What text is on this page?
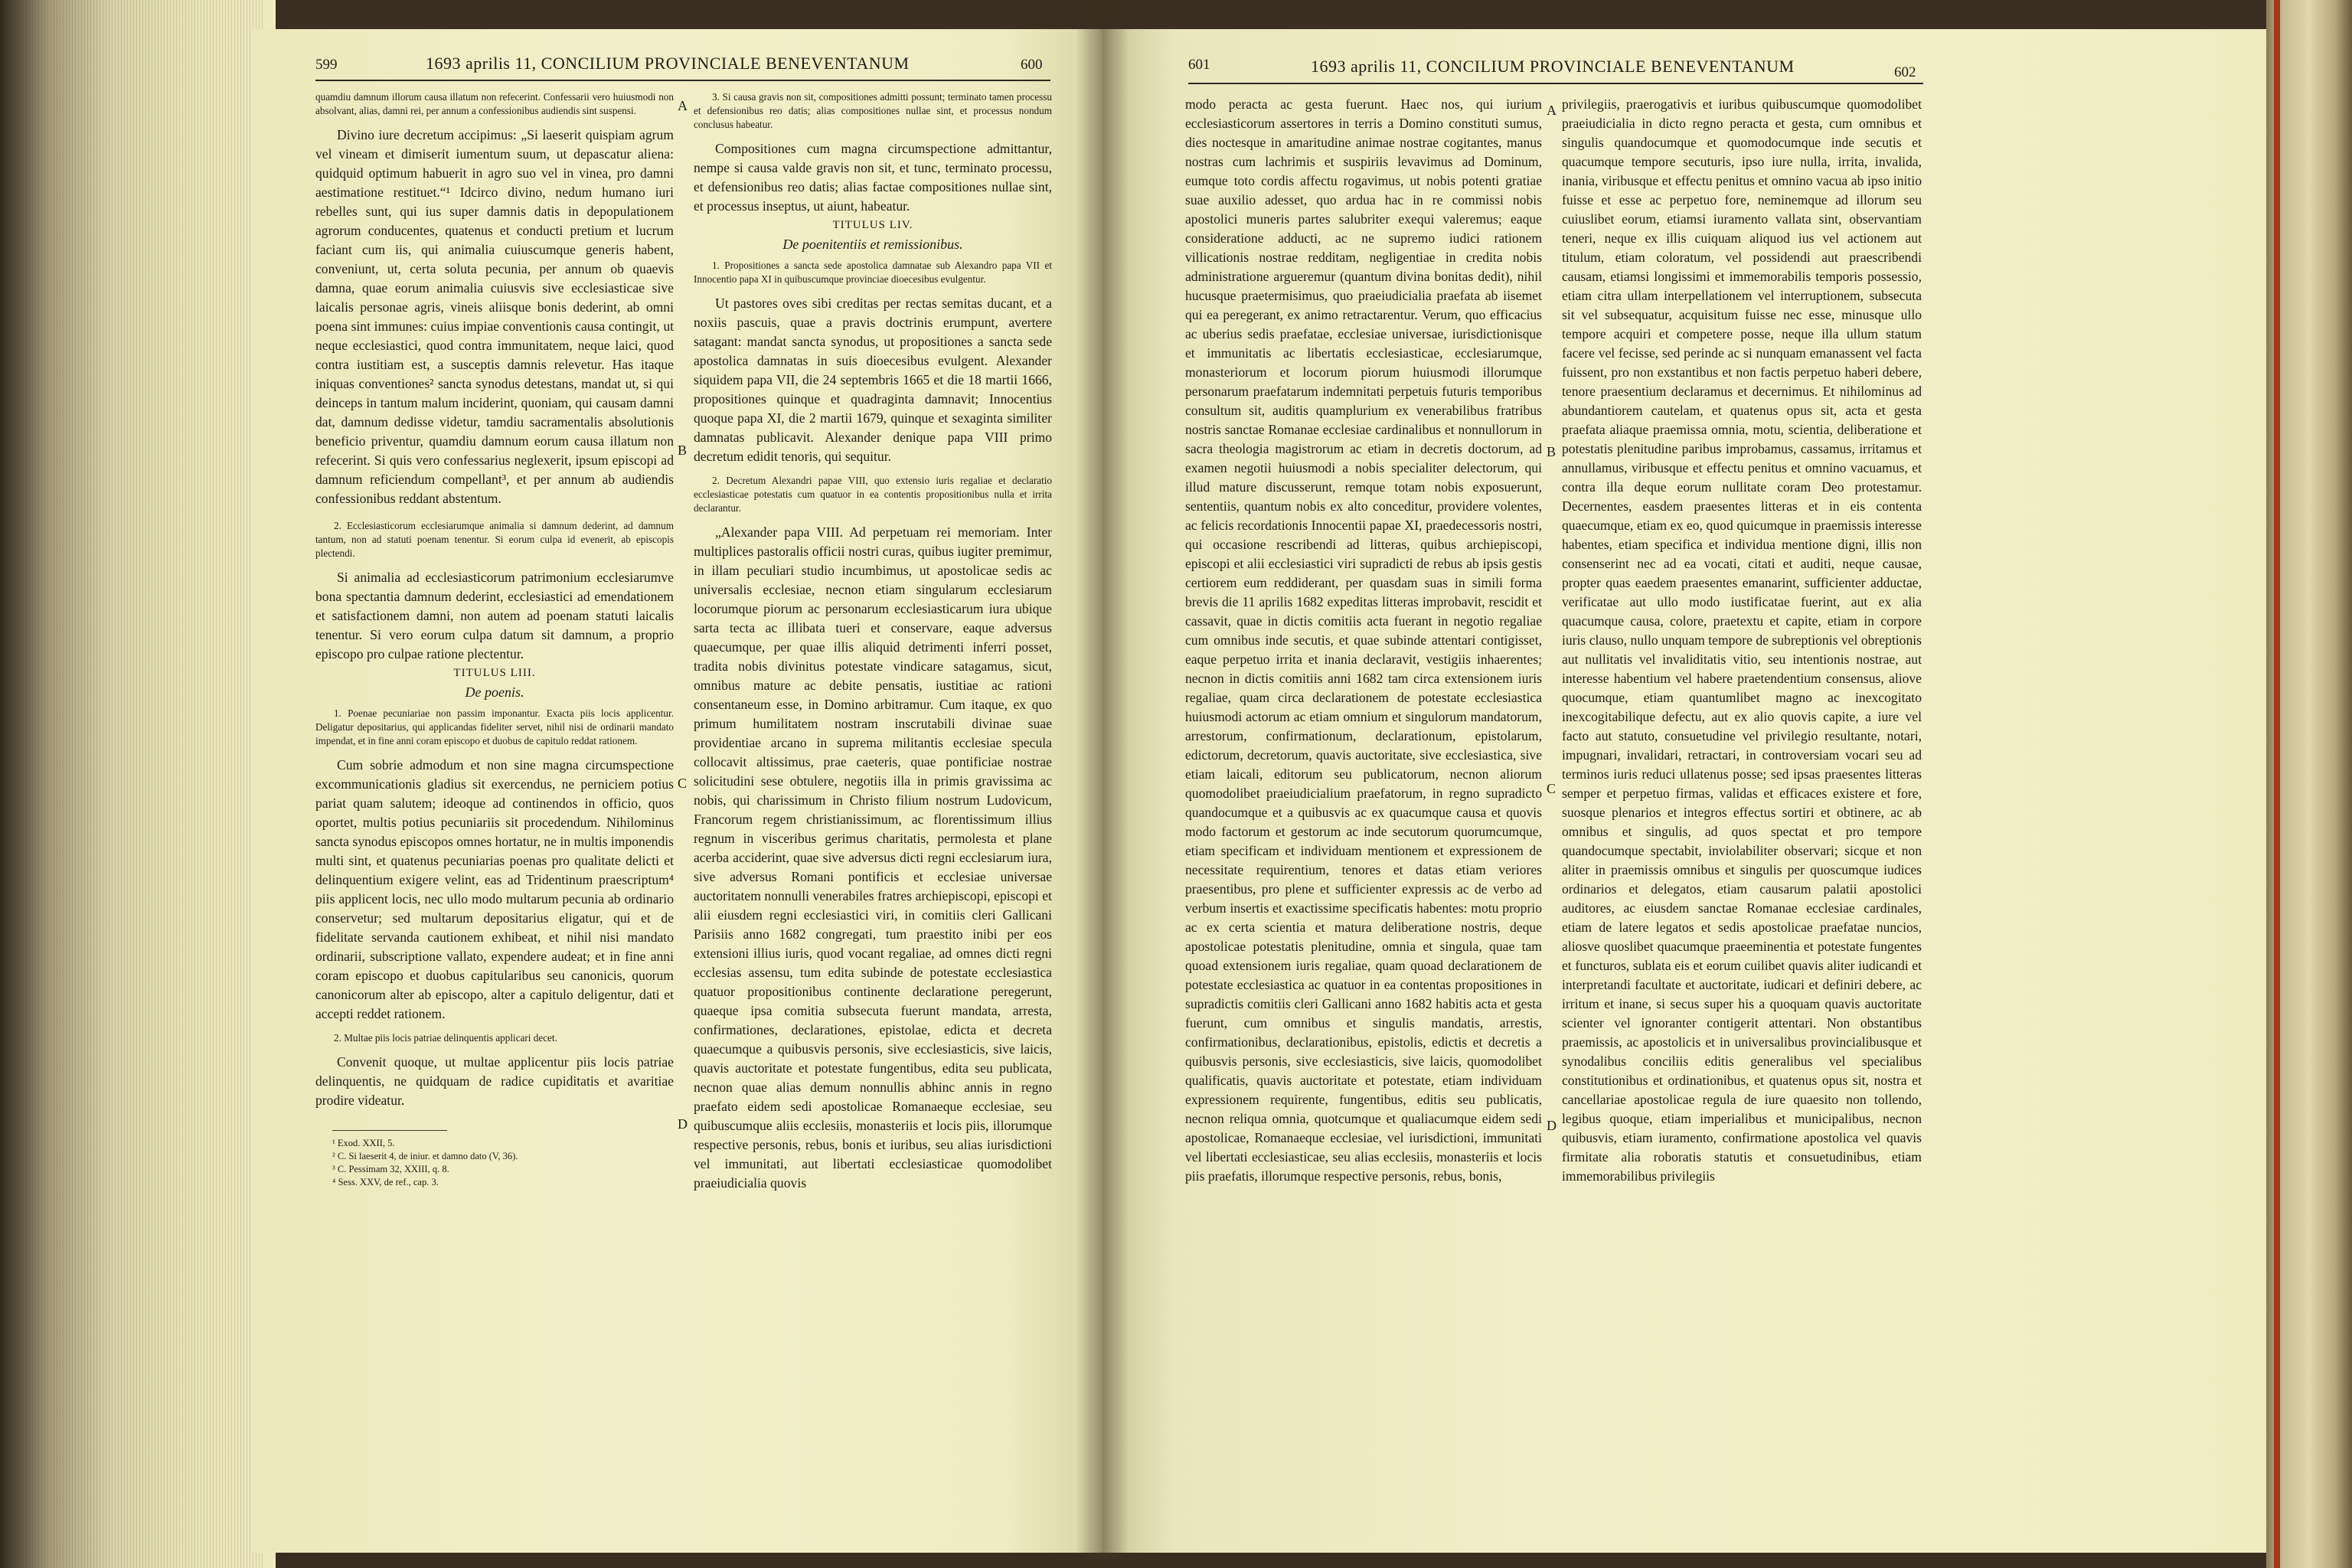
599	1693 aprilis 11, CONCILIUM PROVINCIALE BENEVENTANUM	600
quamdiu damnum illorum causa illatum non refecerint. Confessarii vero huiusmodi non absolvant, alias, damni rei, per annum a confessionibus audiendis sint suspensi.

Divino iure decretum accipimus: „Si laeserit quispiam agrum vel vineam et dimiserit iumentum suum, ut depascatur aliena: quidquid optimum habuerit in agro suo vel in vinea, pro damni aestimatione restituet.“¹ Idcirco divino, nedum humano iuri rebelles sunt, qui ius super damnis datis in depopulationem agrorum conducentes, quatenus et conducti pretium et lucrum faciant cum iis, qui animalia cuiuscumque generis habent, conveniunt, ut, certa soluta pecunia, per annum ob quaevis damna, quae eorum animalia cuiusvis sive ecclesiasticae sive laicalis personae agris, vineis aliisque bonis dederint, ab omni poena sint immunes: cuius impiae conventionis causa contingit, ut neque ecclesiastici, quod contra immunitatem, neque laici, quod contra iustitiam est, a susceptis damnis relevetur. Has itaque iniquas conventiones² sancta synodus detestans, mandat ut, si qui deinceps in tantum malum inciderint, quoniam, qui causam damni dat, damnum dedisse videtur, tamdiu sacramentalis absolutionis beneficio priventur, quamdiu damnum eorum causa illatum non refecerint. Si quis vero confessarius neglexerit, ipsum episcopi ad damnum reficiendum compellant³, et per annum ab audiendis confessionibus reddant abstentum.

2. Ecclesiasticorum ecclesiarumque animalia si damnum dederint, ad damnum tantum, non ad statuti poenam tenentur. Si eorum culpa id evenerit, ab episcopis plectendi.

Si animalia ad ecclesiasticorum patrimonium ecclesiarumve bona spectantia damnum dederint, ecclesiastici ad emendationem et satisfactionem damni, non autem ad poenam statuti laicalis tenentur. Si vero eorum culpa datum sit damnum, a proprio episcopo pro culpae ratione plectentur.

TITULUS LIII.

De poenis.

1. Poenae pecuniariae non passim imponantur. Exacta piis locis applicentur. Deligatur depositarius, qui applicandas fideliter servet, nihil nisi de ordinarii mandato impendat, et in fine anni coram episcopo et duobus de capitulo reddat rationem.

Cum sobrie admodum et non sine magna circumspectione excommunicationis gladius sit exercendus, ne perniciem potius pariat quam salutem; ideoque ad continendos in officio, quos oportet, multis potius pecuniariis sit procedendum. Nihilominus sancta synodus episcopos omnes hortatur, ne in multis imponendis multi sint, et quatenus pecuniarias poenas pro qualitate delicti et delinquentium exigere velint, eas ad Tridentinum praescriptum⁴ piis applicent locis, nec ullo modo multarum pecunia ab ordinario conservetur; sed multarum depositarius eligatur, qui et de fidelitate servanda cautionem exhibeat, et nihil nisi mandato ordinarii, subscriptione vallato, expendere audeat; et in fine anni coram episcopo et duobus capitularibus seu canonicis, quorum canonicorum alter ab episcopo, alter a capitulo deligentur, dati et accepti reddet rationem.

2. Multae piis locis patriae delinquentis applicari decet.

Convenit quoque, ut multae applicentur piis locis patriae delinquentis, ne quidquam de radice cupiditatis et avaritiae prodire videatur.

¹ Exod. XXII, 5.
² C. Si laeserit 4, de iniur. et damno dato (V, 36).
³ C. Pessimam 32, XXIII, q. 8.
⁴ Sess. XXV, de ref., cap. 3.
A
B
C
D
3. Si causa gravis non sit, compositiones admitti possunt; terminato tamen processu et defensionibus reo datis; alias compositiones nullae sint, et processus nondum conclusus habeatur.

Compositiones cum magna circumspectione admittantur, nempe si causa valde gravis non sit, et tunc, terminato processu, et defensionibus reo datis; alias factae compositiones nullae sint, et processus inseptus, ut aiunt, habeatur.

TITULUS LIV.

De poenitentiis et remissionibus.

1. Propositiones a sancta sede apostolica damnatae sub Alexandro papa VII et Innocentio papa XI in quibuscumque provinciae dioecesibus evulgentur.

Ut pastores oves sibi creditas per rectas semitas ducant, et a noxiis pascuis, quae a pravis doctrinis erumpunt, avertere satagant: mandat sancta synodus, ut propositiones a sancta sede apostolica damnatas in suis dioecesibus evulgent. Alexander siquidem papa VII, die 24 septembris 1665 et die 18 martii 1666, propositiones quinque et quadraginta damnavit; Innocentius quoque papa XI, die 2 martii 1679, quinque et sexaginta similiter damnatas publicavit. Alexander denique papa VIII primo decretum edidit tenoris, qui sequitur.

2. Decretum Alexandri papae VIII, quo extensio iuris regaliae et declaratio ecclesiasticae potestatis cum quatuor in ea contentis propositionibus nulla et irrita declarantur.

„Alexander papa VIII. Ad perpetuam rei memoriam. Inter multiplices pastoralis officii nostri curas, quibus iugiter premimur, in illam peculiari studio incumbimus, ut apostolicae sedis ac universalis ecclesiae, necnon etiam singularum ecclesiarum locorumque piorum ac personarum ecclesiasticarum iura ubique sarta tecta ac illibata tueri et conservare, eaque adversus quaecumque, per quae illis aliquid detrimenti inferri posset, tradita nobis divinitus potestate vindicare satagamus, sicut, omnibus mature ac debite pensatis, iustitiae ac rationi consentaneum esse, in Domino arbitramur. Cum itaque, ex quo primum humilitatem nostram inscrutabili divinae suae providentiae arcano in suprema militantis ecclesiae specula collocavit altissimus, prae caeteris, quae pontificiae nostrae solicitudini sese obtulere, negotiis illa in primis gravissima ac nobis, qui charissimum in Christo filium nostrum Ludovicum, Francorum regem christianissimum, ac florentissimum illius regnum in visceribus gerimus charitatis, permolesta et plane acerba acciderint, quae sive adversus dicti regni ecclesiarum iura, sive adversus Romani pontificis et ecclesiae universae auctoritatem nonnulli venerabiles fratres archiepiscopi, episcopi et alii eiusdem regni ecclesiastici viri, in comitiis cleri Gallicani Parisiis anno 1682 congregati, tum praestito inibi per eos extensioni illius iuris, quod vocant regaliae, ad omnes dicti regni ecclesias assensu, tum edita subinde de potestate ecclesiastica quatuor propositionibus continente declaratione peregerunt, quaeque ipsa comitia subsecuta fuerunt mandata, arresta, confirmationes, declarationes, epistolae, edicta et decreta quaecumque a quibusvis personis, sive ecclesiasticis, sive laicis, quavis auctoritate et potestate fungentibus, edita seu publicata, necnon quae alias demum nonnullis abhinc annis in regno praefato eidem sedi apostolicae Romanaeque ecclesiae, seu quibuscumque aliis ecclesiis, monasteriis et locis piis, illorumque respective personis, rebus, bonis et iuribus, seu alias iurisdictioni vel immunitati, aut libertati ecclesiasticae quomodolibet praeiudicialia quovis

601	1693 aprilis 11, CONCILIUM PROVINCIALE BENEVENTANUM	602

modo peracta ac gesta fuerunt. Haec nos, qui iurium ecclesiasticorum assertores in terris a Domino constituti sumus, dies noctesque in amaritudine animae nostrae cogitantes, manus nostras cum lachrimis et suspiriis levavimus ad Dominum, eumque toto cordis affectu rogavimus, ut nobis potenti gratiae suae auxilio adesset, quo ardua hac in re commissi nobis apostolici muneris partes salubriter exequi valeremus; eaque consideratione adducti, ac ne supremo iudici rationem villicationis nostrae redditam, negligentiae in credita nobis administratione argueremur (quantum divina bonitas dedit), nihil hucusque praetermisimus, quo praeiudicialia praefata ab iisemet qui ea peregerant, ex animo retractarentur. Verum, quo efficacius ac uberius sedis praefatae, ecclesiae universae, iurisdictionisque et immunitatis ac libertatis ecclesiasticae, ecclesiarumque, monasteriorum et locorum piorum huiusmodi illorumque personarum praefatarum indemnitati perpetuis futuris temporibus consultum sit, auditis quamplurium ex venerabilibus fratribus nostris sanctae Romanae ecclesiae cardinalibus et nonnullorum in sacra theologia magistrorum ac etiam in decretis doctorum, ad examen negotii huiusmodi a nobis specialiter delectorum, qui illud mature discusserunt, remque totam nobis exposuerunt, sententiis, quantum nobis ex alto conceditur, providere volentes, ac felicis recordationis Innocentii papae XI, praedecessoris nostri, qui occasione rescribendi ad litteras, quibus archiepiscopi, episcopi et alii ecclesiastici viri supradicti de rebus ab ipsis gestis certiorem eum reddiderant, per quasdam suas in simili forma brevis die 11 aprilis 1682 expeditas litteras improbavit, rescidit et cassavit, quae in dictis comitiis acta fuerant in negotio regaliae cum omnibus inde secutis, et quae subinde attentari contigisset, eaque perpetuo irrita et inania declaravit, vestigiis inhaerentes; necnon in dictis comitiis anni 1682 tam circa extensionem iuris regaliae, quam circa declarationem de potestate ecclesiastica huiusmodi actorum ac etiam omnium et singulorum mandatorum, arrestorum, confirmationum, declarationum, epistolarum, edictorum, decretorum, quavis auctoritate, sive ecclesiastica, sive etiam laicali, editorum seu publicatorum, necnon aliorum quomodolibet praeiudicialium praefatorum, in regno supradicto quandocumque et a quibusvis ac ex quacumque causa et quovis modo factorum et gestorum ac inde secutorum quorumcumque, etiam specificam et individuam mentionem et expressionem de necessitate requirentium, tenores et datas etiam veriores praesentibus, pro plene et sufficienter expressis ac de verbo ad verbum insertis et exactissime specificatis habentes: motu proprio ac ex certa scientia et matura deliberatione nostris, deque apostolicae potestatis plenitudine, omnia et singula, quae tam quoad extensionem iuris regaliae, quam quoad declarationem de potestate ecclesiastica ac quatuor in ea contentas propositiones in supradictis comitiis cleri Gallicani anno 1682 habitis acta et gesta fuerunt, cum omnibus et singulis mandatis, arrestis, confirmationibus, declarationibus, epistolis, edictis et decretis a quibusvis personis, sive ecclesiasticis, sive laicis, quomodolibet qualificatis, quavis auctoritate et potestate, etiam individuam expressionem requirente, fungentibus, editis seu publicatis, necnon reliqua omnia, quotcumque et qualiacumque eidem sedi apostolicae, Romanaeque ecclesiae, vel iurisdictioni, immunitati vel libertati ecclesiasticae, seu alias ecclesiis, monasteriis et locis piis praefatis, illorumque respective personis, rebus, bonis,

A
B
C
D

privilegiis, praerogativis et iuribus quibuscumque quomodolibet praeiudicialia in dicto regno peracta et gesta, cum omnibus et singulis quandocumque et quomodocumque inde secutis et quacumque tempore secuturis, ipso iure nulla, irrita, invalida, inania, viribusque et effectu penitus et omnino vacua ab ipso initio fuisse et esse ac perpetuo fore, neminemque ad illorum seu cuiuslibet eorum, etiamsi iuramento vallata sint, observantiam teneri, neque ex illis cuiquam aliquod ius vel actionem aut titulum, etiam coloratum, vel possidendi aut praescribendi causam, etiamsi longissimi et immemorabilis temporis possessio, etiam citra ullam interpellationem vel interruptionem, subsecuta sit vel subsequatur, acquisitum fuisse nec esse, minusque ullo tempore acquiri et competere posse, neque illa ullum statum facere vel fecisse, sed perinde ac si nunquam emanassent vel facta fuissent, pro non exstantibus et non factis perpetuo haberi debere, tenore praesentium declaramus et decernimus. Et nihilominus ad abundantiorem cautelam, et quatenus opus sit, acta et gesta praefata aliaque praemissa omnia, motu, scientia, deliberatione et potestatis plenitudine paribus improbamus, cassamus, irritamus et annullamus, viribusque et effectu penitus et omnino vacuamus, et contra illa deque eorum nullitate coram Deo protestamur. Decernentes, easdem praesentes litteras et in eis contenta quaecumque, etiam ex eo, quod quicumque in praemissis interesse habentes, etiam specifica et individua mentione digni, illis non consenserint nec ad ea vocati, citati et auditi, neque causae, propter quas eaedem praesentes emanarint, sufficienter adductae, verificatae aut ullo modo iustificatae fuerint, aut ex alia quacumque causa, colore, praetextu et capite, etiam in corpore iuris clauso, nullo unquam tempore de subreptionis vel obreptionis aut nullitatis vel invaliditatis vitio, seu intentionis nostrae, aut interesse habentium vel habere praetendentium consensus, aliove quocumque, etiam quantumlibet magno ac inexcogitato inexcogitabilique defectu, aut ex alio quovis capite, a iure vel facto aut statuto, consuetudine vel privilegio resultante, notari, impugnari, invalidari, retractari, in controversiam vocari seu ad terminos iuris reduci ullatenus posse; sed ipsas praesentes litteras semper et perpetuo firmas, validas et efficaces existere et fore, suosque plenarios et integros effectus sortiri et obtinere, ac ab omnibus et singulis, ad quos spectat et pro tempore quandocumque spectabit, inviolabiliter observari; sicque et non aliter in praemissis omnibus et singulis per quoscumque iudices ordinarios et delegatos, etiam causarum palatii apostolici auditores, ac eiusdem sanctae Romanae ecclesiae cardinales, etiam de latere legatos et sedis apostolicae praefatae nuncios, aliosve quoslibet quacumque praeeminentia et potestate fungentes et functuros, sublata eis et eorum cuilibet quavis aliter iudicandi et interpretandi facultate et auctoritate, iudicari et definiri debere, ac irritum et inane, si secus super his a quoquam quavis auctoritate scienter vel ignoranter contigerit attentari. Non obstantibus praemissis, ac apostolicis et in universalibus provincialibusque et synodalibus conciliis editis generalibus vel specialibus constitutionibus et ordinationibus, et quatenus opus sit, nostra et cancellariae apostolicae regula de iure quaesito non tollendo, legibus quoque, etiam imperialibus et municipalibus, necnon quibusvis, etiam iuramento, confirmatione apostolica vel quavis firmitate alia roboratis statutis et consuetudinibus, etiam immemorabilibus privilegiis
